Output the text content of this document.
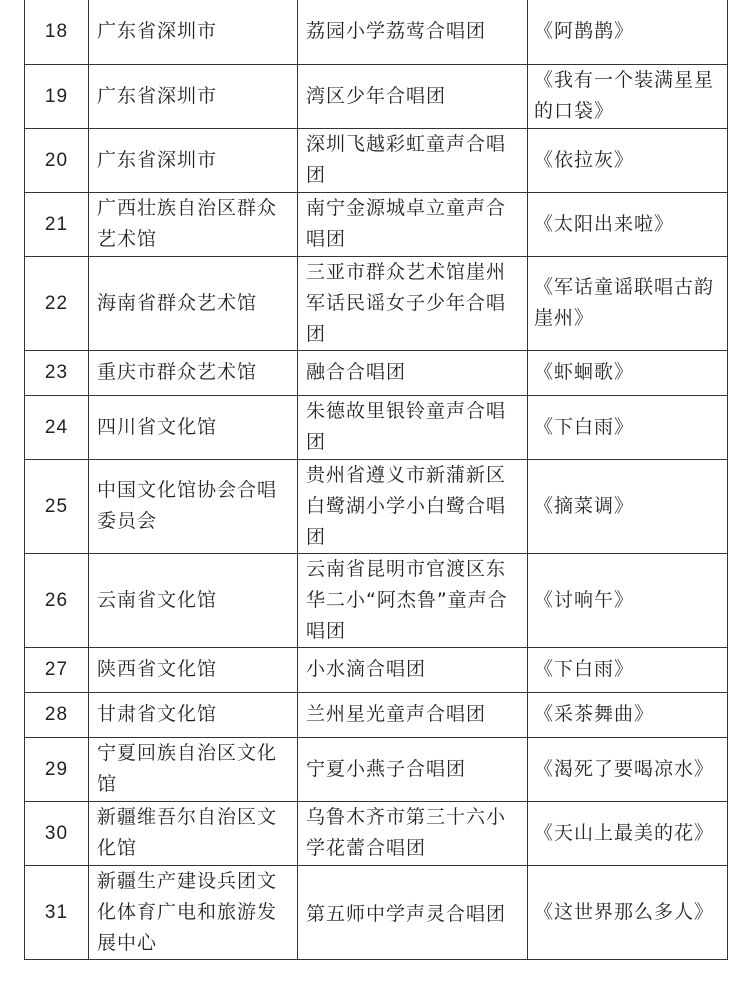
18	广东省深圳市	荔园小学荔莺合唱团	《阿鹊鹊》
19	广东省深圳市	湾区少年合唱团	《我有一个装满星星的口袋》
20	广东省深圳市	深圳飞越彩虹童声合唱团	《依拉灰》
21	广西壮族自治区群众艺术馆	南宁金源城卓立童声合唱团	《太阳出来啦》
22	海南省群众艺术馆	三亚市群众艺术馆崖州军话民谣女子少年合唱团	《军话童谣联唱古韵崖州》
23	重庆市群众艺术馆	融合合唱团	《虾蛔歌》
24	四川省文化馆	朱德故里银铃童声合唱团	《下白雨》
25	中国文化馆协会合唱委员会	贵州省遵义市新蒲新区白鹭湖小学小白鹭合唱团	《摘菜调》
26	云南省文化馆	云南省昆明市官渡区东华二小“阿杰鲁”童声合唱团	《讨响午》
27	陕西省文化馆	小水滴合唱团	《下白雨》
28	甘肃省文化馆	兰州星光童声合唱团	《采茶舞曲》
29	宁夏回族自治区文化馆	宁夏小燕子合唱团	《渴死了要喝凉水》
30	新疆维吾尔自治区文化馆	乌鲁木齐市第三十六小学花蕾合唱团	《天山上最美的花》
31	新疆生产建设兵团文化体育广电和旅游发展中心	第五师中学声灵合唱团	《这世界那么多人》
